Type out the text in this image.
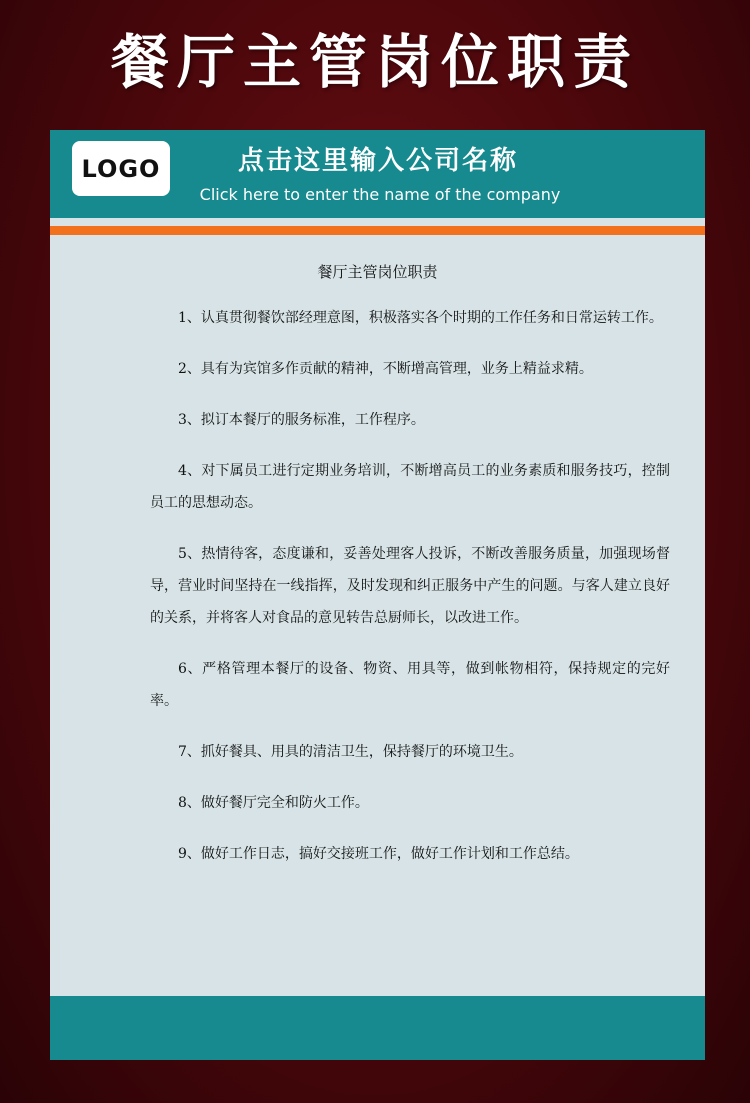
餐厅主管岗位职责
LOGO	点击这里输入公司名称
Click here to enter the name of the company
餐厅主管岗位职责

1、认真贯彻餐饮部经理意图，积极落实各个时期的工作任务和日常运转工作。

2、具有为宾馆多作贡献的精神，不断增高管理，业务上精益求精。

3、拟订本餐厅的服务标准，工作程序。

4、对下属员工进行定期业务培训，不断增高员工的业务素质和服务技巧，控制员工的思想动态。

5、热情待客，态度谦和，妥善处理客人投诉，不断改善服务质量，加强现场督导，营业时间坚持在一线指挥，及时发现和纠正服务中产生的问题。与客人建立良好的关系，并将客人对食品的意见转告总厨师长，以改进工作。

6、严格管理本餐厅的设备、物资、用具等，做到帐物相符，保持规定的完好率。

7、抓好餐具、用具的清洁卫生，保持餐厅的环境卫生。

8、做好餐厅完全和防火工作。

9、做好工作日志，搞好交接班工作，做好工作计划和工作总结。
